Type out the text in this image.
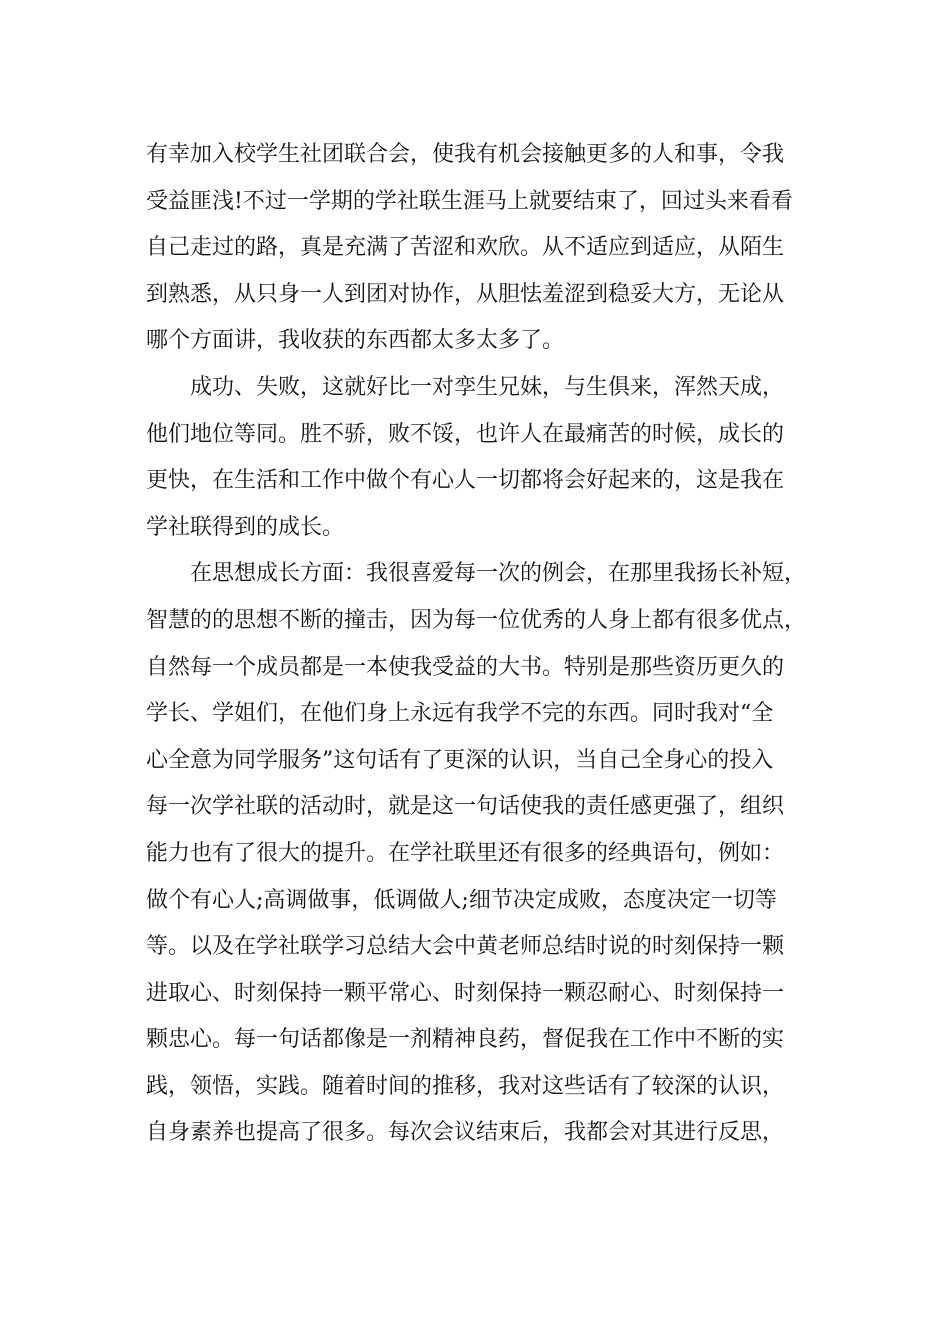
有幸加入校学生社团联合会，使我有机会接触更多的人和事，令我
受益匪浅!不过一学期的学社联生涯马上就要结束了，回过头来看看
自己走过的路，真是充满了苦涩和欢欣。从不适应到适应，从陌生
到熟悉，从只身一人到团对协作，从胆怯羞涩到稳妥大方，无论从
哪个方面讲，我收获的东西都太多太多了。
成功、失败，这就好比一对孪生兄妹，与生俱来，浑然天成，
他们地位等同。胜不骄，败不馁，也许人在最痛苦的时候，成长的
更快，在生活和工作中做个有心人一切都将会好起来的，这是我在
学社联得到的成长。
在思想成长方面：我很喜爱每一次的例会，在那里我扬长补短，
智慧的的思想不断的撞击，因为每一位优秀的人身上都有很多优点，
自然每一个成员都是一本使我受益的大书。特别是那些资历更久的
学长、学姐们，在他们身上永远有我学不完的东西。同时我对“全
心全意为同学服务”这句话有了更深的认识，当自己全身心的投入
每一次学社联的活动时，就是这一句话使我的责任感更强了，组织
能力也有了很大的提升。在学社联里还有很多的经典语句，例如：
做个有心人;高调做事，低调做人;细节决定成败，态度决定一切等
等。以及在学社联学习总结大会中黄老师总结时说的时刻保持一颗
进取心、时刻保持一颗平常心、时刻保持一颗忍耐心、时刻保持一
颗忠心。每一句话都像是一剂精神良药，督促我在工作中不断的实
践，领悟，实践。随着时间的推移，我对这些话有了较深的认识，
自身素养也提高了很多。每次会议结束后，我都会对其进行反思，
